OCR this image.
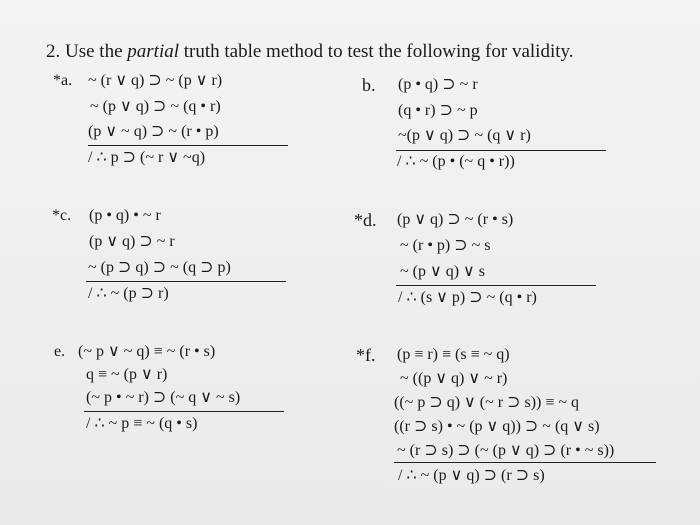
2. Use the partial truth table method to test the following for validity.
*a. ~ (r ∨ q) ⊃ ~ (p ∨ r)
~ (p ∨ q) ⊃ ~ (q • r)
(p ∨ ~ q) ⊃ ~ (r • p)
/ ∴ p ⊃ (~ r ∨ ~q)
b. (p • q) ⊃ ~ r
(q • r) ⊃ ~ p
~(p ∨ q) ⊃ ~ (q ∨ r)
/ ∴ ~ (p • (~ q • r))
*c. (p • q) • ~ r
(p ∨ q) ⊃ ~ r
~ (p ⊃ q) ⊃ ~ (q ⊃ p)
/ ∴ ~ (p ⊃ r)
*d. (p ∨ q) ⊃ ~ (r • s)
~ (r • p) ⊃ ~ s
~ (p ∨ q) ∨ s
/ ∴ (s ∨ p) ⊃ ~ (q • r)
e. (~ p ∨ ~ q) ≡ ~ (r • s)
q ≡ ~ (p ∨ r)
(~ p • ~ r) ⊃ (~ q ∨ ~ s)
/ ∴ ~ p ≡ ~ (q • s)
*f. (p ≡ r) ≡ (s ≡ ~ q)
~ ((p ∨ q) ∨ ~ r)
((~ p ⊃ q) ∨ (~ r ⊃ s)) ≡ ~ q
((r ⊃ s) • ~ (p ∨ q)) ⊃ ~ (q ∨ s)
~ (r ⊃ s) ⊃ (~ (p ∨ q) ⊃ (r • ~ s))
/ ∴ ~ (p ∨ q) ⊃ (r ⊃ s)
